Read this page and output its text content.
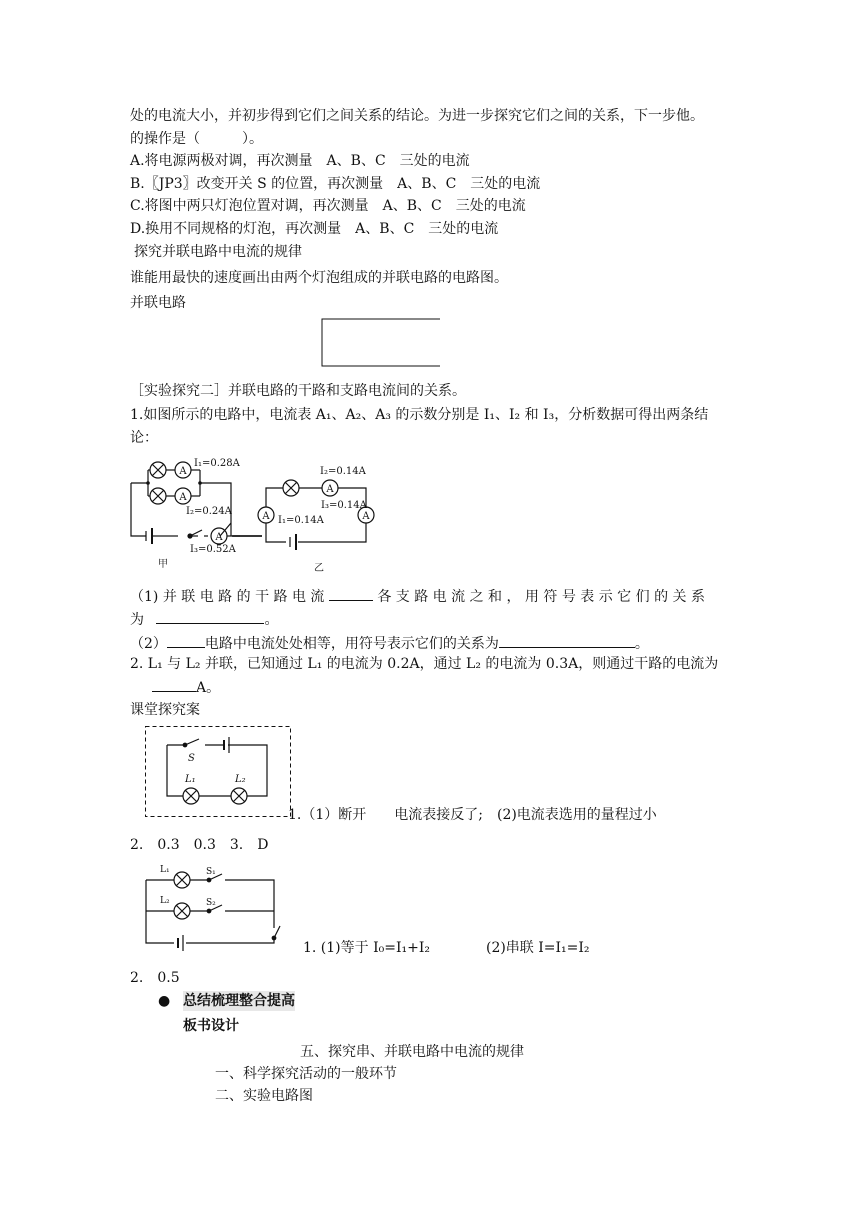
处的电流大小，并初步得到它们之间关系的结论。为进一步探究它们之间的关系，下一步他。
的操作是（　　　）。
A.将电源两极对调，再次测量　A、B、C　三处的电流
B.〖JP3〗改变开关 S 的位置，再次测量　A、B、C　三处的电流
C.将图中两只灯泡位置对调，再次测量　A、B、C　三处的电流
D.换用不同规格的灯泡，再次测量　A、B、C　三处的电流
探究并联电路中电流的规律
谁能用最快的速度画出由两个灯泡组成的并联电路的电路图。
并联电路
［实验探究二］并联电路的干路和支路电流间的关系。
1.如图所示的电路中，电流表 A₁、A₂、A₃ 的示数分别是 I₁、I₂ 和 I₃，分析数据可得出两条结
论：
A
A
A
I₁=0.28A
I₂=0.24A
I₃=0.52A
甲
A
A	A
I₂=0.14A
I₃=0.14A
I₁=0.14A
乙
（1) 并 联 电 路 的 干 路 电 流	各 支 路 电 流 之 和 ， 用 符 号 表 示 它 们 的 关 系
为	。
（2）	电路中电流处处相等，用符号表示它们的关系为	。
2. L₁ 与 L₂ 并联，已知通过 L₁ 的电流为 0.2A，通过 L₂ 的电流为 0.3A，则通过干路的电流为
A。
课堂探究案
S
L₁	L₂
1.（1）断开　　电流表接反了;　(2)电流表选用的量程过小
2.　0.3　0.3　3.　D
L₁
L₂
S₁
S₂
1. (1)等于 I₀=I₁+I₂　　　　(2)串联 I=I₁=I₂
2.　0.5
● 总结梳理整合提高
板书设计
五、探究串、并联电路中电流的规律
一、科学探究活动的一般环节
二、实验电路图
